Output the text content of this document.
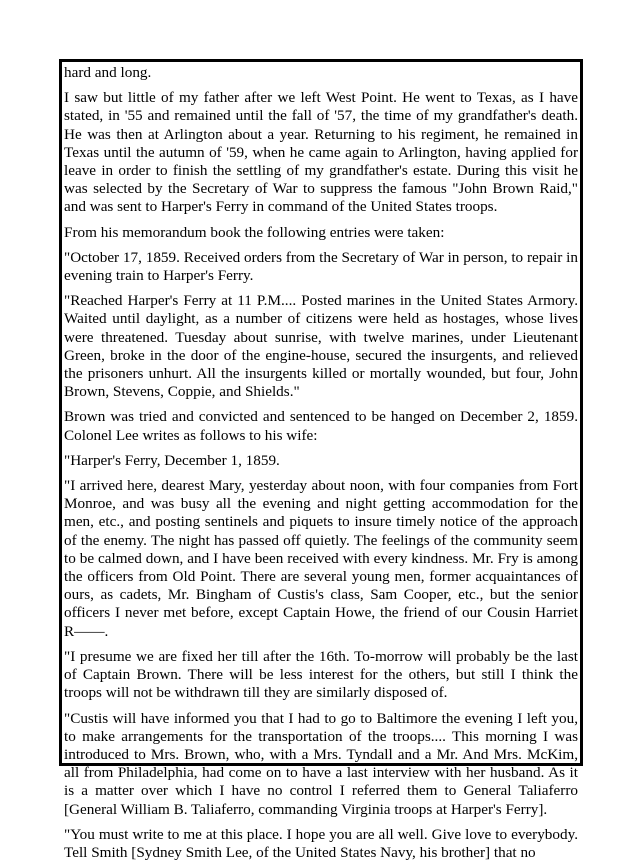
hard and long.

I saw but little of my father after we left West Point. He went to Texas, as I have stated, in '55 and remained until the fall of '57, the time of my grandfather's death. He was then at Arlington about a year. Returning to his regiment, he remained in Texas until the autumn of '59, when he came again to Arlington, having applied for leave in order to finish the settling of my grandfather's estate. During this visit he was selected by the Secretary of War to suppress the famous "John Brown Raid," and was sent to Harper's Ferry in command of the United States troops.

From his memorandum book the following entries were taken:

"October 17, 1859. Received orders from the Secretary of War in person, to repair in evening train to Harper's Ferry.

"Reached Harper's Ferry at 11 P.M.... Posted marines in the United States Armory. Waited until daylight, as a number of citizens were held as hostages, whose lives were threatened. Tuesday about sunrise, with twelve marines, under Lieutenant Green, broke in the door of the engine-house, secured the insurgents, and relieved the prisoners unhurt. All the insurgents killed or mortally wounded, but four, John Brown, Stevens, Coppie, and Shields."

Brown was tried and convicted and sentenced to be hanged on December 2, 1859. Colonel Lee writes as follows to his wife:

"Harper's Ferry, December 1, 1859.

"I arrived here, dearest Mary, yesterday about noon, with four companies from Fort Monroe, and was busy all the evening and night getting accommodation for the men, etc., and posting sentinels and piquets to insure timely notice of the approach of the enemy. The night has passed off quietly. The feelings of the community seem to be calmed down, and I have been received with every kindness. Mr. Fry is among the officers from Old Point. There are several young men, former acquaintances of ours, as cadets, Mr. Bingham of Custis's class, Sam Cooper, etc., but the senior officers I never met before, except Captain Howe, the friend of our Cousin Harriet R——.

"I presume we are fixed her till after the 16th. To-morrow will probably be the last of Captain Brown. There will be less interest for the others, but still I think the troops will not be withdrawn till they are similarly disposed of.

"Custis will have informed you that I had to go to Baltimore the evening I left you, to make arrangements for the transportation of the troops.... This morning I was introduced to Mrs. Brown, who, with a Mrs. Tyndall and a Mr. And Mrs. McKim, all from Philadelphia, had come on to have a last interview with her husband. As it is a matter over which I have no control I referred them to General Taliaferro [General William B. Taliaferro, commanding Virginia troops at Harper's Ferry].

"You must write to me at this place. I hope you are all well. Give love to everybody. Tell Smith [Sydney Smith Lee, of the United States Navy, his brother] that no
